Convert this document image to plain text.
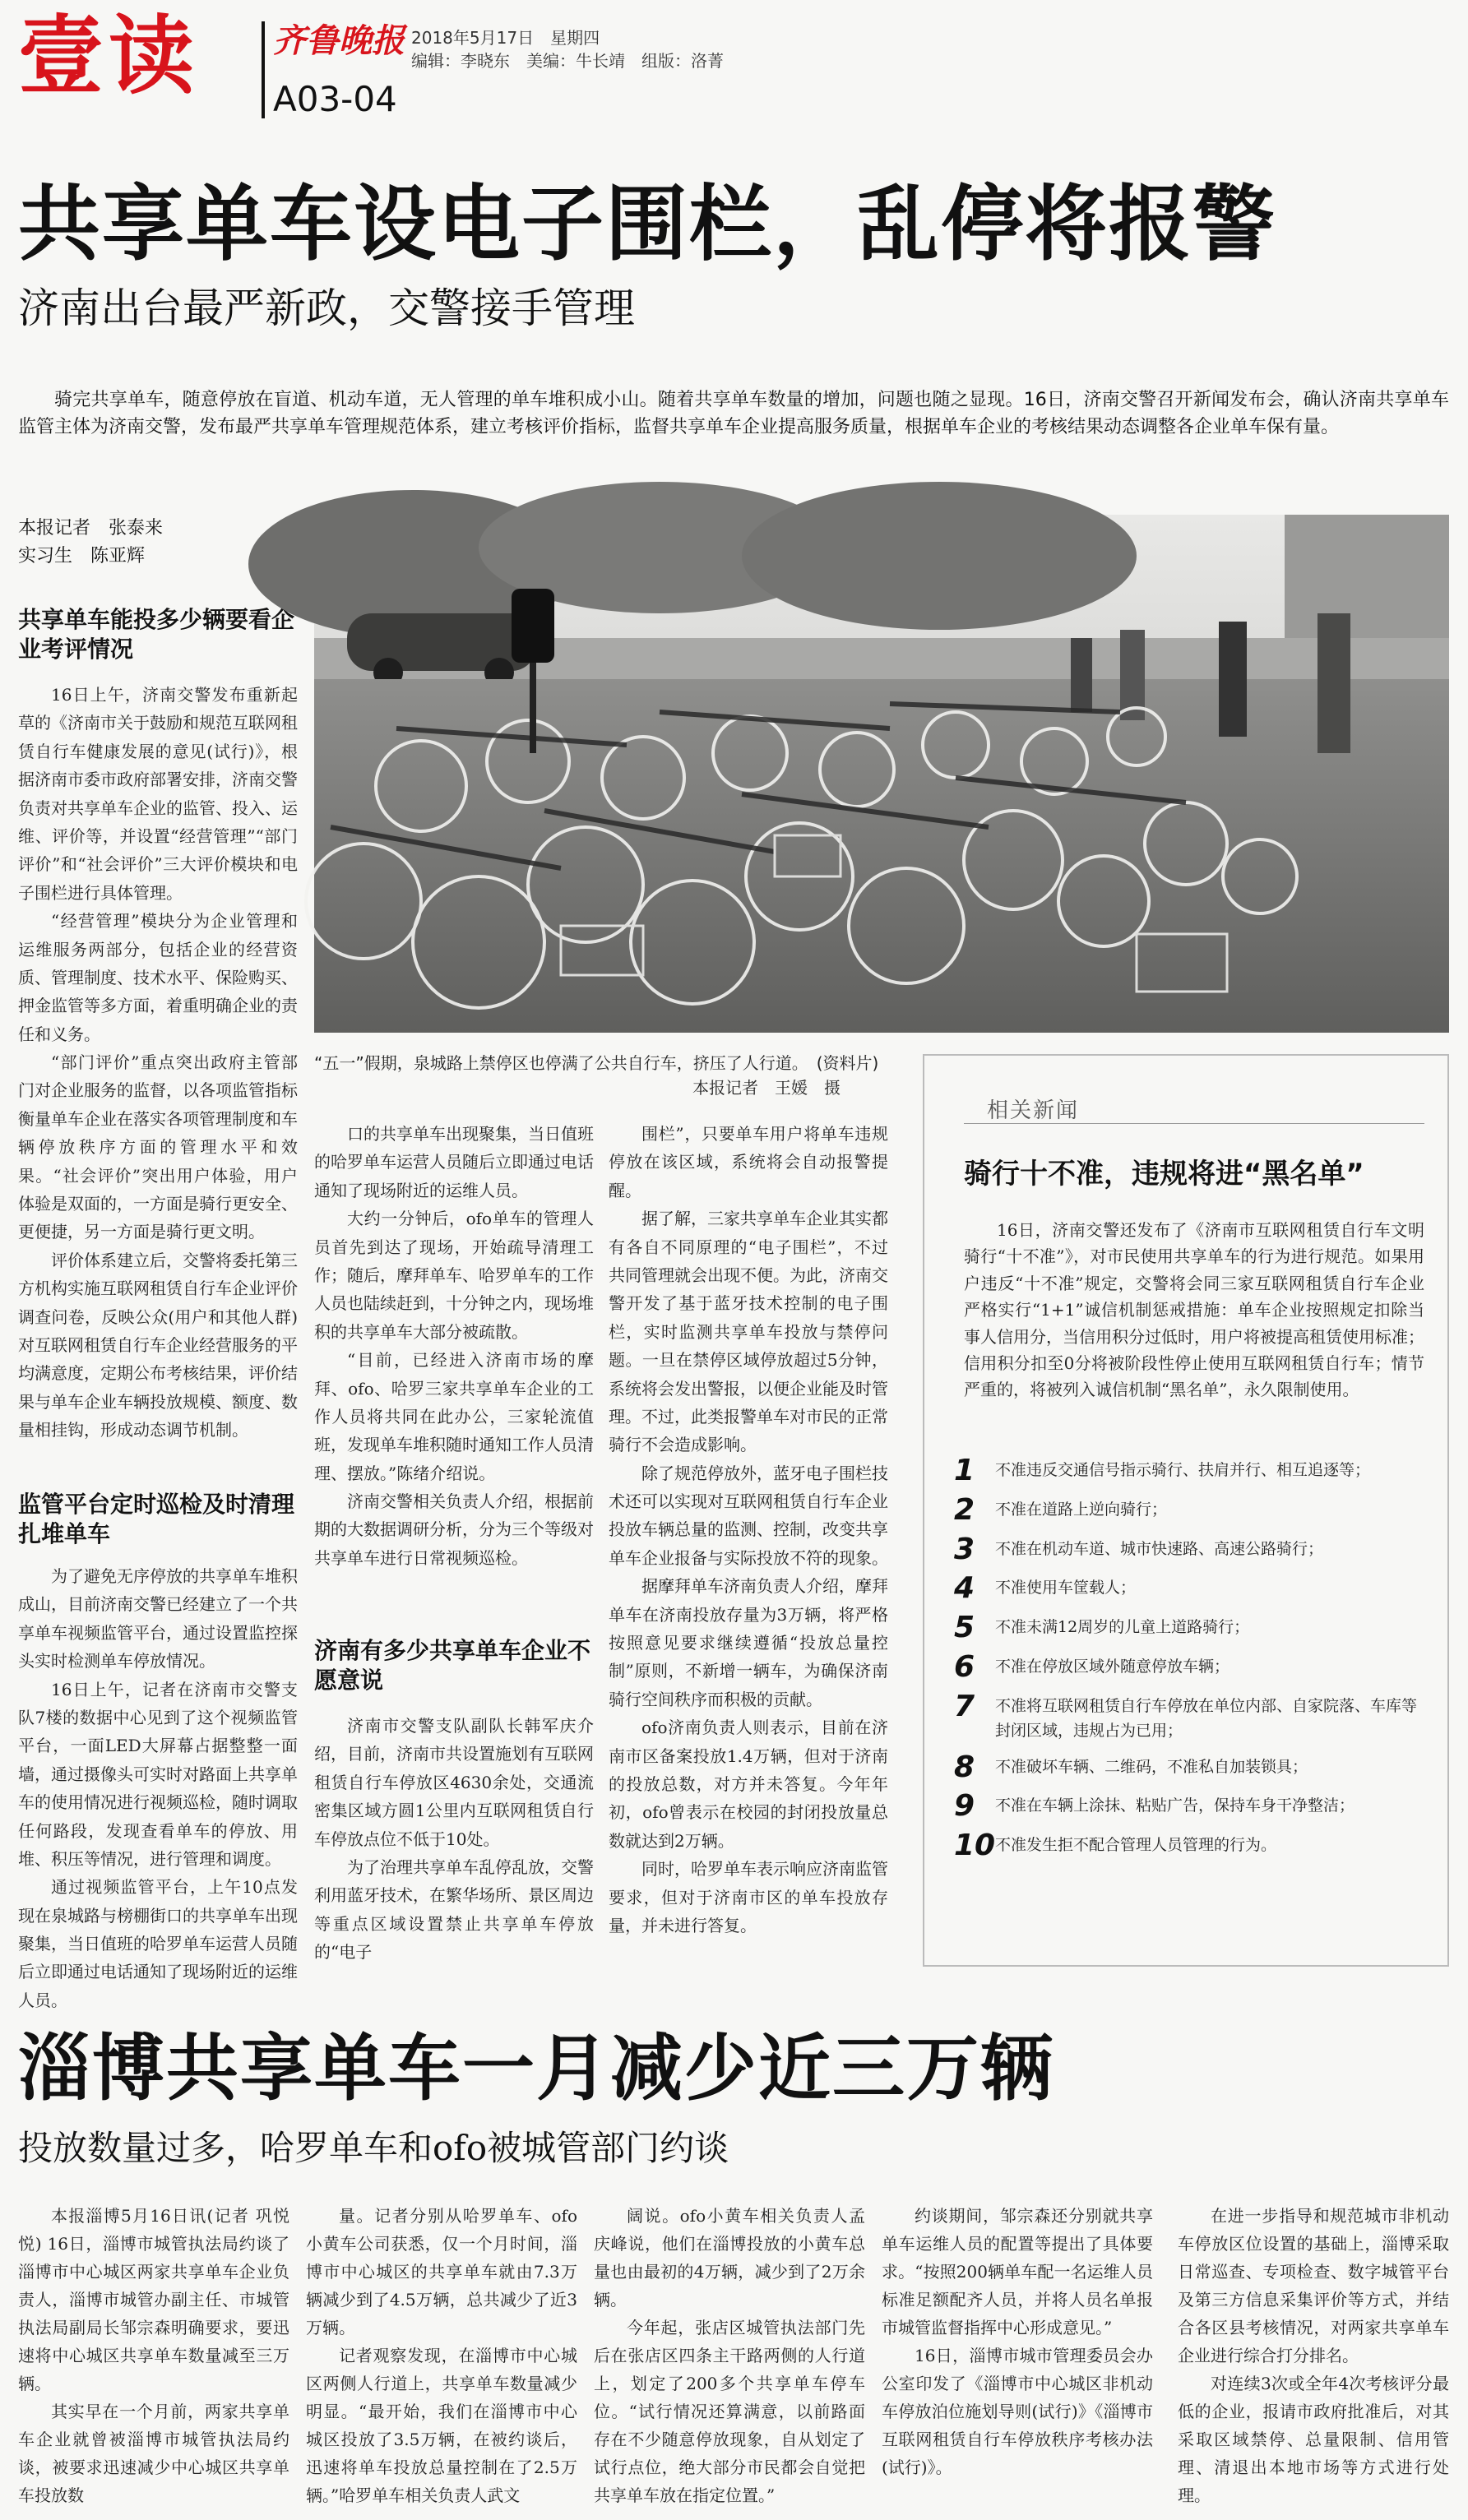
壹读 齐鲁晚报 2018年5月17日　星期四
编辑：李晓东　美编：牛长靖　组版：洛菁
A03-04
共享单车设电子围栏，乱停将报警
济南出台最严新政，交警接手管理

骑完共享单车，随意停放在盲道、机动车道，无人管理的单车堆积成小山。随着共享单车数量的增加，问题也随之显现。16日，济南交警召开新闻发布会，确认济南共享单车监管主体为济南交警，发布最严共享单车管理规范体系，建立考核评价指标，监督共享单车企业提高服务质量，根据单车企业的考核结果动态调整各企业单车保有量。

本报记者　张泰来
实习生　陈亚辉
共享单车能投多少辆要看企业考评情况

16日上午，济南交警发布重新起草的《济南市关于鼓励和规范互联网租赁自行车健康发展的意见(试行)》，根据济南市委市政府部署安排，济南交警负责对共享单车企业的监管、投入、运维、评价等，并设置“经营管理”“部门评价”和“社会评价”三大评价模块和电子围栏进行具体管理。

“经营管理”模块分为企业管理和运维服务两部分，包括企业的经营资质、管理制度、技术水平、保险购买、押金监管等多方面，着重明确企业的责任和义务。

“部门评价”重点突出政府主管部门对企业服务的监督，以各项监管指标衡量单车企业在落实各项管理制度和车辆停放秩序方面的管理水平和效果。“社会评价”突出用户体验，用户体验是双面的，一方面是骑行更安全、更便捷，另一方面是骑行更文明。

评价体系建立后，交警将委托第三方机构实施互联网租赁自行车企业评价调查问卷，反映公众(用户和其他人群)对互联网租赁自行车企业经营服务的平均满意度，定期公布考核结果，评价结果与单车企业车辆投放规模、额度、数量相挂钩，形成动态调节机制。

监管平台定时巡检及时清理扎堆单车

为了避免无序停放的共享单车堆积成山，目前济南交警已经建立了一个共享单车视频监管平台，通过设置监控探头实时检测单车停放情况。

16日上午，记者在济南市交警支队7楼的数据中心见到了这个视频监管平台，一面LED大屏幕占据整整一面墙，通过摄像头可实时对路面上共享单车的使用情况进行视频巡检，随时调取任何路段，发现查看单车的停放、用堆、积压等情况，进行管理和调度。

通过视频监管平台，上午10点发现在泉城路与榜棚街口的共享单车出现聚集，当日值班的哈罗单车运营人员随后立即通过电话通知了现场附近的运维人员。

“五一”假期，泉城路上禁停区也停满了公共自行车，挤压了人行道。　(资料片)
本报记者　王媛　摄

口的共享单车出现聚集，当日值班的哈罗单车运营人员随后立即通过电话通知了现场附近的运维人员。

大约一分钟后，ofo单车的管理人员首先到达了现场，开始疏导清理工作；随后，摩拜单车、哈罗单车的工作人员也陆续赶到，十分钟之内，现场堆积的共享单车大部分被疏散。

“目前，已经进入济南市场的摩拜、ofo、哈罗三家共享单车企业的工作人员将共同在此办公，三家轮流值班，发现单车堆积随时通知工作人员清理、摆放。”陈绪介绍说。

济南交警相关负责人介绍，根据前期的大数据调研分析，分为三个等级对共享单车进行日常视频巡检。

济南有多少共享单车企业不愿意说

济南市交警支队副队长韩军庆介绍，目前，济南市共设置施划有互联网租赁自行车停放区4630余处，交通流密集区域方圆1公里内互联网租赁自行车停放点位不低于10处。

为了治理共享单车乱停乱放，交警利用蓝牙技术，在繁华场所、景区周边等重点区域设置禁止共享单车停放的“电子

围栏”，只要单车用户将单车违规停放在该区域，系统将会自动报警提醒。

据了解，三家共享单车企业其实都有各自不同原理的“电子围栏”，不过共同管理就会出现不便。为此，济南交警开发了基于蓝牙技术控制的电子围栏，实时监测共享单车投放与禁停问题。一旦在禁停区域停放超过5分钟，系统将会发出警报，以便企业能及时管理。不过，此类报警单车对市民的正常骑行不会造成影响。

除了规范停放外，蓝牙电子围栏技术还可以实现对互联网租赁自行车企业投放车辆总量的监测、控制，改变共享单车企业报备与实际投放不符的现象。

据摩拜单车济南负责人介绍，摩拜单车在济南投放存量为3万辆，将严格按照意见要求继续遵循“投放总量控制”原则，不新增一辆车，为确保济南骑行空间秩序而积极的贡献。

ofo济南负责人则表示，目前在济南市区备案投放1.4万辆，但对于济南的投放总数，对方并未答复。今年年初，ofo曾表示在校园的封闭投放量总数就达到2万辆。

同时，哈罗单车表示响应济南监管要求，但对于济南市区的单车投放存量，并未进行答复。

相关新闻
骑行十不准，违规将进“黑名单”

16日，济南交警还发布了《济南市互联网租赁自行车文明骑行“十不准”》，对市民使用共享单车的行为进行规范。如果用户违反“十不准”规定，交警将会同三家互联网租赁自行车企业严格实行“1+1”诚信机制惩戒措施：单车企业按照规定扣除当事人信用分，当信用积分过低时，用户将被提高租赁使用标准；信用积分扣至0分将被阶段性停止使用互联网租赁自行车；情节严重的，将被列入诚信机制“黑名单”，永久限制使用。

1	不准违反交通信号指示骑行、扶肩并行、相互追逐等；
2	不准在道路上逆向骑行；
3	不准在机动车道、城市快速路、高速公路骑行；
4	不准使用车筐载人；
5	不准未满12周岁的儿童上道路骑行；
6	不准在停放区域外随意停放车辆；
7	不准将互联网租赁自行车停放在单位内部、自家院落、车库等封闭区域，违规占为已用；
8	不准破坏车辆、二维码，不准私自加装锁具；
9	不准在车辆上涂抹、粘贴广告，保持车身干净整洁；
10 不准发生拒不配合管理人员管理的行为。
淄博共享单车一月减少近三万辆
投放数量过多，哈罗单车和ofo被城管部门约谈

本报淄博5月16日讯(记者 巩悦悦) 16日，淄博市城管执法局约谈了淄博市中心城区两家共享单车企业负责人，淄博市城管办副主任、市城管执法局副局长邹宗森明确要求，要迅速将中心城区共享单车数量减至三万辆。

其实早在一个月前，两家共享单车企业就曾被淄博市城管执法局约谈，被要求迅速减少中心城区共享单车投放数

量。记者分别从哈罗单车、ofo小黄车公司获悉，仅一个月时间，淄博市中心城区的共享单车就由7.3万辆减少到了4.5万辆，总共减少了近3万辆。

记者观察发现，在淄博市中心城区两侧人行道上，共享单车数量减少明显。“最开始，我们在淄博市中心城区投放了3.5万辆，在被约谈后，迅速将单车投放总量控制在了2.5万辆。”哈罗单车相关负责人武文

阔说。ofo小黄车相关负责人孟庆峰说，他们在淄博投放的小黄车总量也由最初的4万辆，减少到了2万余辆。

今年起，张店区城管执法部门先后在张店区四条主干路两侧的人行道上，划定了200多个共享单车停车位。“试行情况还算满意，以前路面存在不少随意停放现象，自从划定了试行点位，绝大部分市民都会自觉把共享单车放在指定位置。”

约谈期间，邹宗森还分别就共享单车运维人员的配置等提出了具体要求。“按照200辆单车配一名运维人员标准足额配齐人员，并将人员名单报市城管监督指挥中心形成意见。”

16日，淄博市城市管理委员会办公室印发了《淄博市中心城区非机动车停放泊位施划导则(试行)》《淄博市互联网租赁自行车停放秩序考核办法(试行)》。

在进一步指导和规范城市非机动车停放区位设置的基础上，淄博采取日常巡查、专项检查、数字城管平台及第三方信息采集评价等方式，并结合各区县考核情况，对两家共享单车企业进行综合打分排名。

对连续3次或全年4次考核评分最低的企业，报请市政府批准后，对其采取区域禁停、总量限制、信用管理、清退出本地市场等方式进行处理。
